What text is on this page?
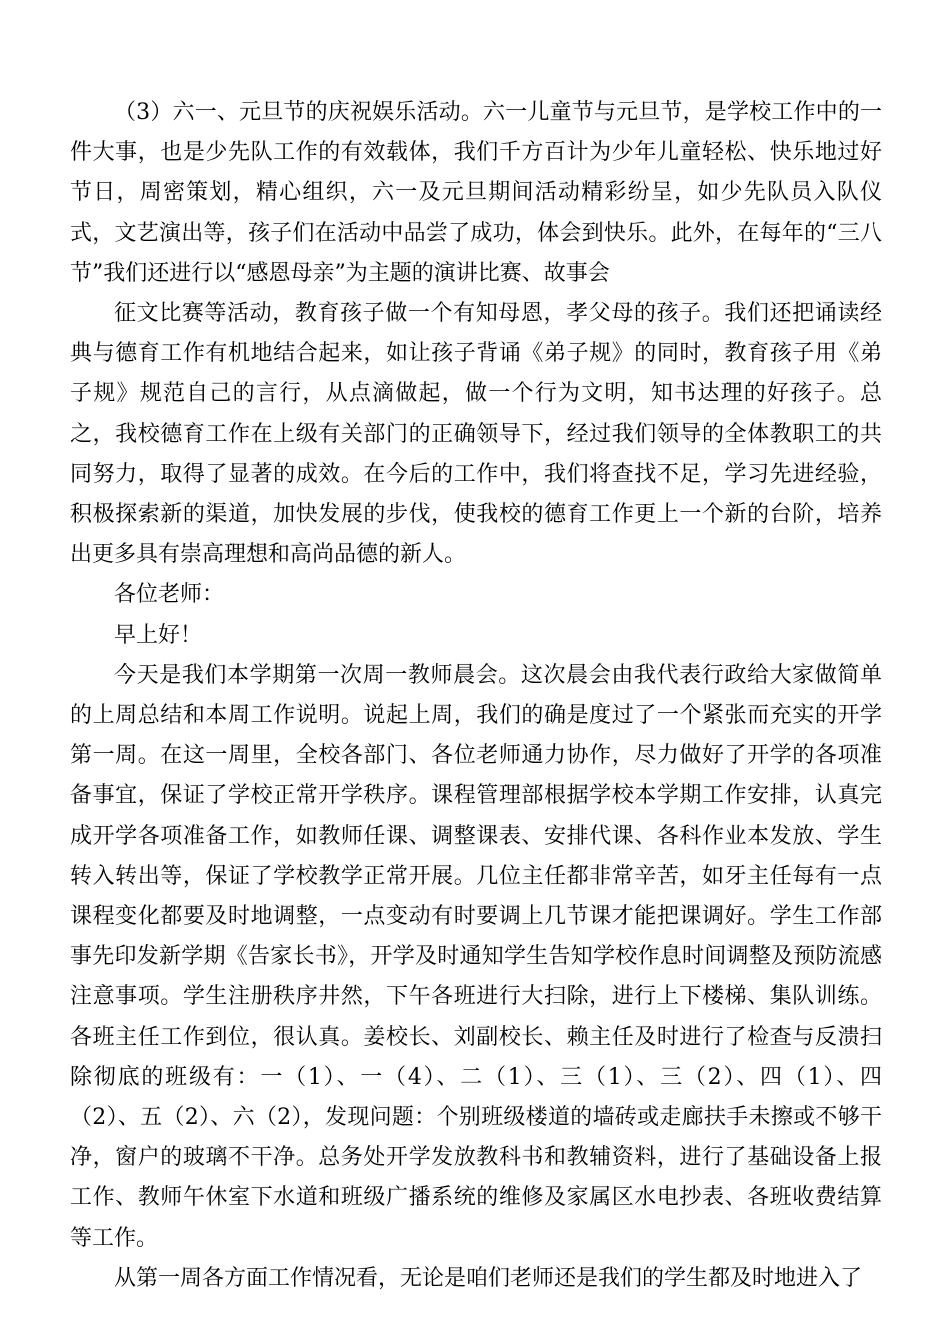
（3）六一、元旦节的庆祝娱乐活动。六一儿童节与元旦节，是学校工作中的一件大事，也是少先队工作的有效载体，我们千方百计为少年儿童轻松、快乐地过好节日，周密策划，精心组织，六一及元旦期间活动精彩纷呈，如少先队员入队仪式，文艺演出等，孩子们在活动中品尝了成功，体会到快乐。此外，在每年的“三八节”我们还进行以“感恩母亲”为主题的演讲比赛、故事会

征文比赛等活动，教育孩子做一个有知母恩，孝父母的孩子。我们还把诵读经典与德育工作有机地结合起来，如让孩子背诵《弟子规》的同时，教育孩子用《弟子规》规范自己的言行，从点滴做起，做一个行为文明，知书达理的好孩子。总之，我校德育工作在上级有关部门的正确领导下，经过我们领导的全体教职工的共同努力，取得了显著的成效。在今后的工作中，我们将查找不足，学习先进经验，积极探索新的渠道，加快发展的步伐，使我校的德育工作更上一个新的台阶，培养出更多具有崇高理想和高尚品德的新人。

各位老师：

早上好！

今天是我们本学期第一次周一教师晨会。这次晨会由我代表行政给大家做简单的上周总结和本周工作说明。说起上周，我们的确是度过了一个紧张而充实的开学第一周。在这一周里，全校各部门、各位老师通力协作，尽力做好了开学的各项准备事宜，保证了学校正常开学秩序。课程管理部根据学校本学期工作安排，认真完成开学各项准备工作，如教师任课、调整课表、安排代课、各科作业本发放、学生转入转出等，保证了学校教学正常开展。几位主任都非常辛苦，如牙主任每有一点课程变化都要及时地调整，一点变动有时要调上几节课才能把课调好。学生工作部事先印发新学期《告家长书》，开学及时通知学生告知学校作息时间调整及预防流感注意事项。学生注册秩序井然，下午各班进行大扫除，进行上下楼梯、集队训练。各班主任工作到位，很认真。姜校长、刘副校长、赖主任及时进行了检查与反溃扫除彻底的班级有：一（1）、一（4）、二（1）、三（1）、三（2）、四（1）、四（2）、五（2）、六（2），发现问题：个别班级楼道的墙砖或走廊扶手未擦或不够干净，窗户的玻璃不干净。总务处开学发放教科书和教辅资料，进行了基础设备上报工作、教师午休室下水道和班级广播系统的维修及家属区水电抄表、各班收费结算等工作。

从第一周各方面工作情况看，无论是咱们老师还是我们的学生都及时地进入了
